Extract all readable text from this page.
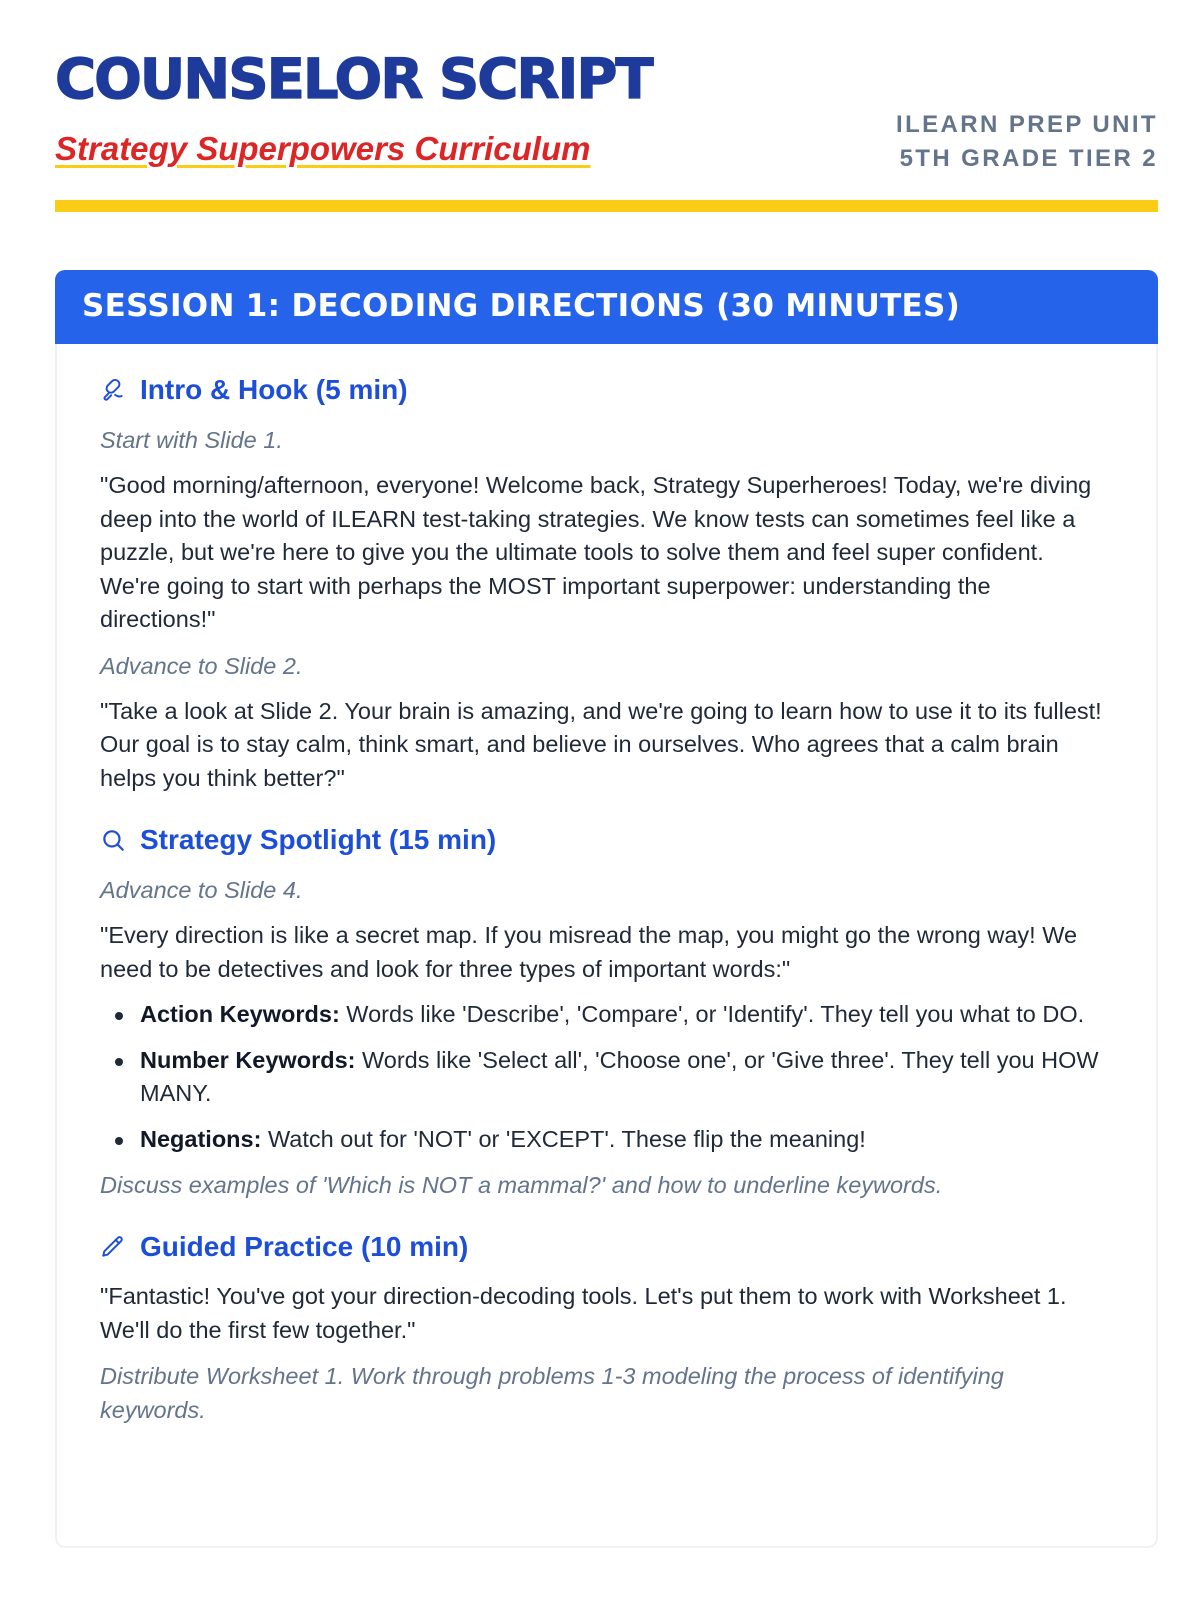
COUNSELOR SCRIPT
Strategy Superpowers Curriculum
ILEARN PREP UNIT
5TH GRADE TIER 2
SESSION 1: DECODING DIRECTIONS (30 MINUTES)
Intro & Hook (5 min)

Start with Slide 1.

"Good morning/afternoon, everyone! Welcome back, Strategy Superheroes! Today, we're diving deep into the world of ILEARN test-taking strategies. We know tests can sometimes feel like a puzzle, but we're here to give you the ultimate tools to solve them and feel super confident. We're going to start with perhaps the MOST important superpower: understanding the directions!"

Advance to Slide 2.

"Take a look at Slide 2. Your brain is amazing, and we're going to learn how to use it to its fullest! Our goal is to stay calm, think smart, and believe in ourselves. Who agrees that a calm brain helps you think better?"

Strategy Spotlight (15 min)

Advance to Slide 4.

"Every direction is like a secret map. If you misread the map, you might go the wrong way! We need to be detectives and look for three types of important words:"

Action Keywords: Words like 'Describe', 'Compare', or 'Identify'. They tell you what to DO.
Number Keywords: Words like 'Select all', 'Choose one', or 'Give three'. They tell you HOW MANY.
Negations: Watch out for 'NOT' or 'EXCEPT'. These flip the meaning!

Discuss examples of 'Which is NOT a mammal?' and how to underline keywords.

Guided Practice (10 min)

"Fantastic! You've got your direction-decoding tools. Let's put them to work with Worksheet 1. We'll do the first few together."

Distribute Worksheet 1. Work through problems 1-3 modeling the process of identifying keywords.
